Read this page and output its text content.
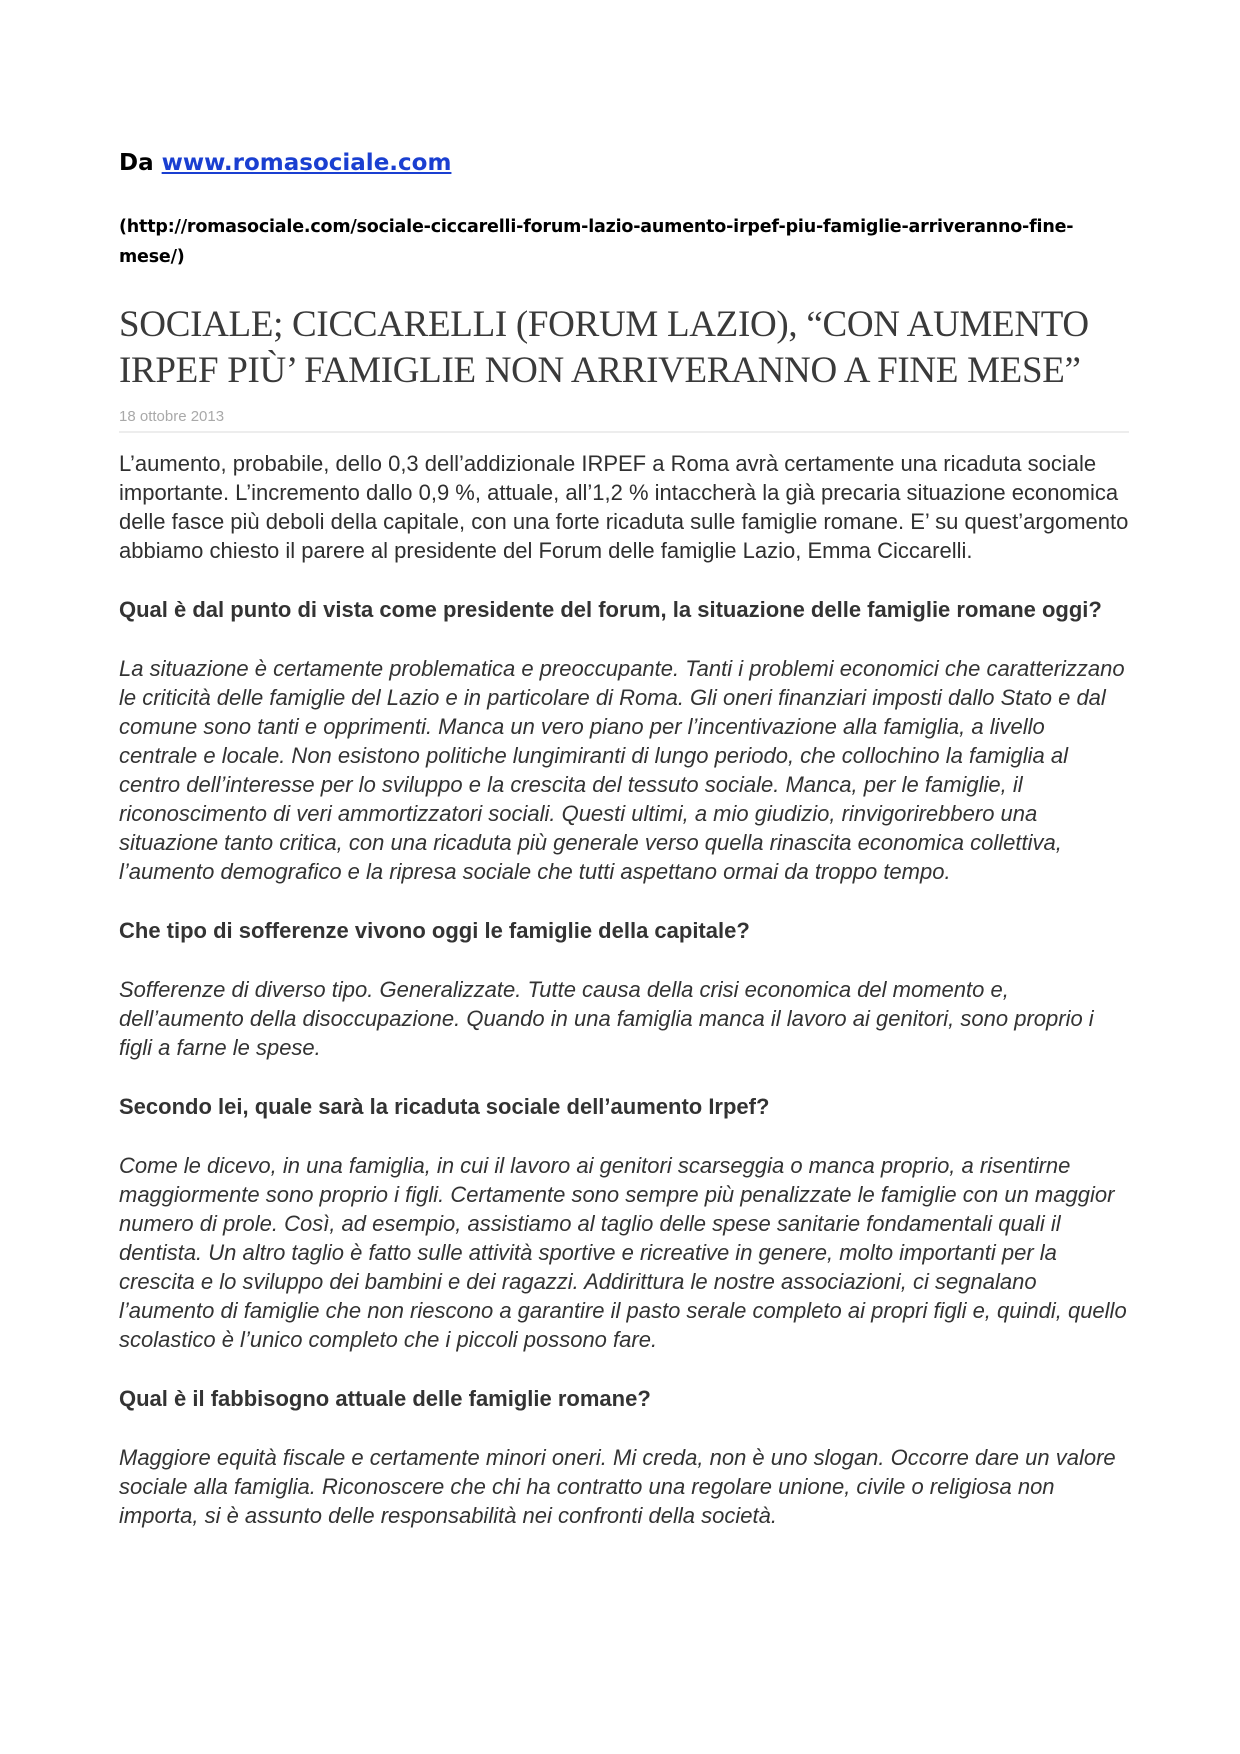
Da www.romasociale.com

(http://romasociale.com/sociale-ciccarelli-forum-lazio-aumento-irpef-piu-famiglie-arriveranno-fine-mese/)

SOCIALE; CICCARELLI (FORUM LAZIO), “CON AUMENTO IRPEF PIÙ’ FAMIGLIE NON ARRIVERANNO A FINE MESE”
18 ottobre 2013

L’aumento, probabile, dello 0,3 dell’addizionale IRPEF a Roma avrà certamente una ricaduta sociale importante. L’incremento dallo 0,9 %, attuale, all’1,2 % intaccherà la già precaria situazione economica delle fasce più deboli della capitale, con una forte ricaduta sulle famiglie romane. E’ su quest’argomento abbiamo chiesto il parere al presidente del Forum delle famiglie Lazio, Emma Ciccarelli.

Qual è dal punto di vista come presidente del forum, la situazione delle famiglie romane oggi?

La situazione è certamente problematica e preoccupante. Tanti i problemi economici che caratterizzano le criticità delle famiglie del Lazio e in particolare di Roma. Gli oneri finanziari imposti dallo Stato e dal comune sono tanti e opprimenti. Manca un vero piano per l’incentivazione alla famiglia, a livello centrale e locale. Non esistono politiche lungimiranti di lungo periodo, che collochino la famiglia al centro dell’interesse per lo sviluppo e la crescita del tessuto sociale. Manca, per le famiglie, il riconoscimento di veri ammortizzatori sociali. Questi ultimi, a mio giudizio, rinvigorirebbero una situazione tanto critica, con una ricaduta più generale verso quella rinascita economica collettiva, l’aumento demografico e la ripresa sociale che tutti aspettano ormai da troppo tempo.

Che tipo di sofferenze vivono oggi le famiglie della capitale?

Sofferenze di diverso tipo. Generalizzate. Tutte causa della crisi economica del momento e, dell’aumento della disoccupazione. Quando in una famiglia manca il lavoro ai genitori, sono proprio i figli a farne le spese.

Secondo lei, quale sarà la ricaduta sociale dell’aumento Irpef?

Come le dicevo, in una famiglia, in cui il lavoro ai genitori scarseggia o manca proprio, a risentirne maggiormente sono proprio i figli. Certamente sono sempre più penalizzate le famiglie con un maggior numero di prole. Così, ad esempio, assistiamo al taglio delle spese sanitarie fondamentali quali il dentista. Un altro taglio è fatto sulle attività sportive e ricreative in genere, molto importanti per la crescita e lo sviluppo dei bambini e dei ragazzi. Addirittura le nostre associazioni, ci segnalano l’aumento di famiglie che non riescono a garantire il pasto serale completo ai propri figli e, quindi, quello scolastico è l’unico completo che i piccoli possono fare.

Qual è il fabbisogno attuale delle famiglie romane?

Maggiore equità fiscale e certamente minori oneri. Mi creda, non è uno slogan. Occorre dare un valore sociale alla famiglia. Riconoscere che chi ha contratto una regolare unione, civile o religiosa non importa, si è assunto delle responsabilità nei confronti della società.
